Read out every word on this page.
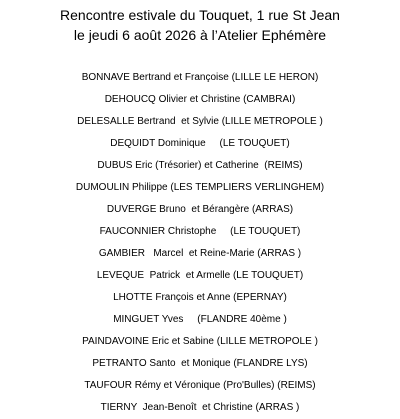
Rencontre estivale du Touquet, 1 rue St Jean
le jeudi 6 août 2026 à l’Atelier Ephémère
BONNAVE Bertrand et Françoise (LILLE LE HERON)
DEHOUCQ Olivier et Christine (CAMBRAI)
DELESALLE Bertrand  et Sylvie (LILLE METROPOLE )
DEQUIDT Dominique     (LE TOUQUET)
DUBUS Eric (Trésorier) et Catherine  (REIMS)
DUMOULIN Philippe (LES TEMPLIERS VERLINGHEM)
DUVERGE Bruno  et Bérangère (ARRAS)
FAUCONNIER Christophe     (LE TOUQUET)
GAMBIER   Marcel  et Reine-Marie (ARRAS )
LEVEQUE  Patrick  et Armelle (LE TOUQUET)
LHOTTE François et Anne (EPERNAY)
MINGUET Yves     (FLANDRE 40ème )
PAINDAVOINE Eric et Sabine (LILLE METROPOLE )
PETRANTO Santo  et Monique (FLANDRE LYS)
TAUFOUR Rémy et Véronique (Pro'Bulles) (REIMS)
TIERNY  Jean-Benoît  et Christine (ARRAS )
